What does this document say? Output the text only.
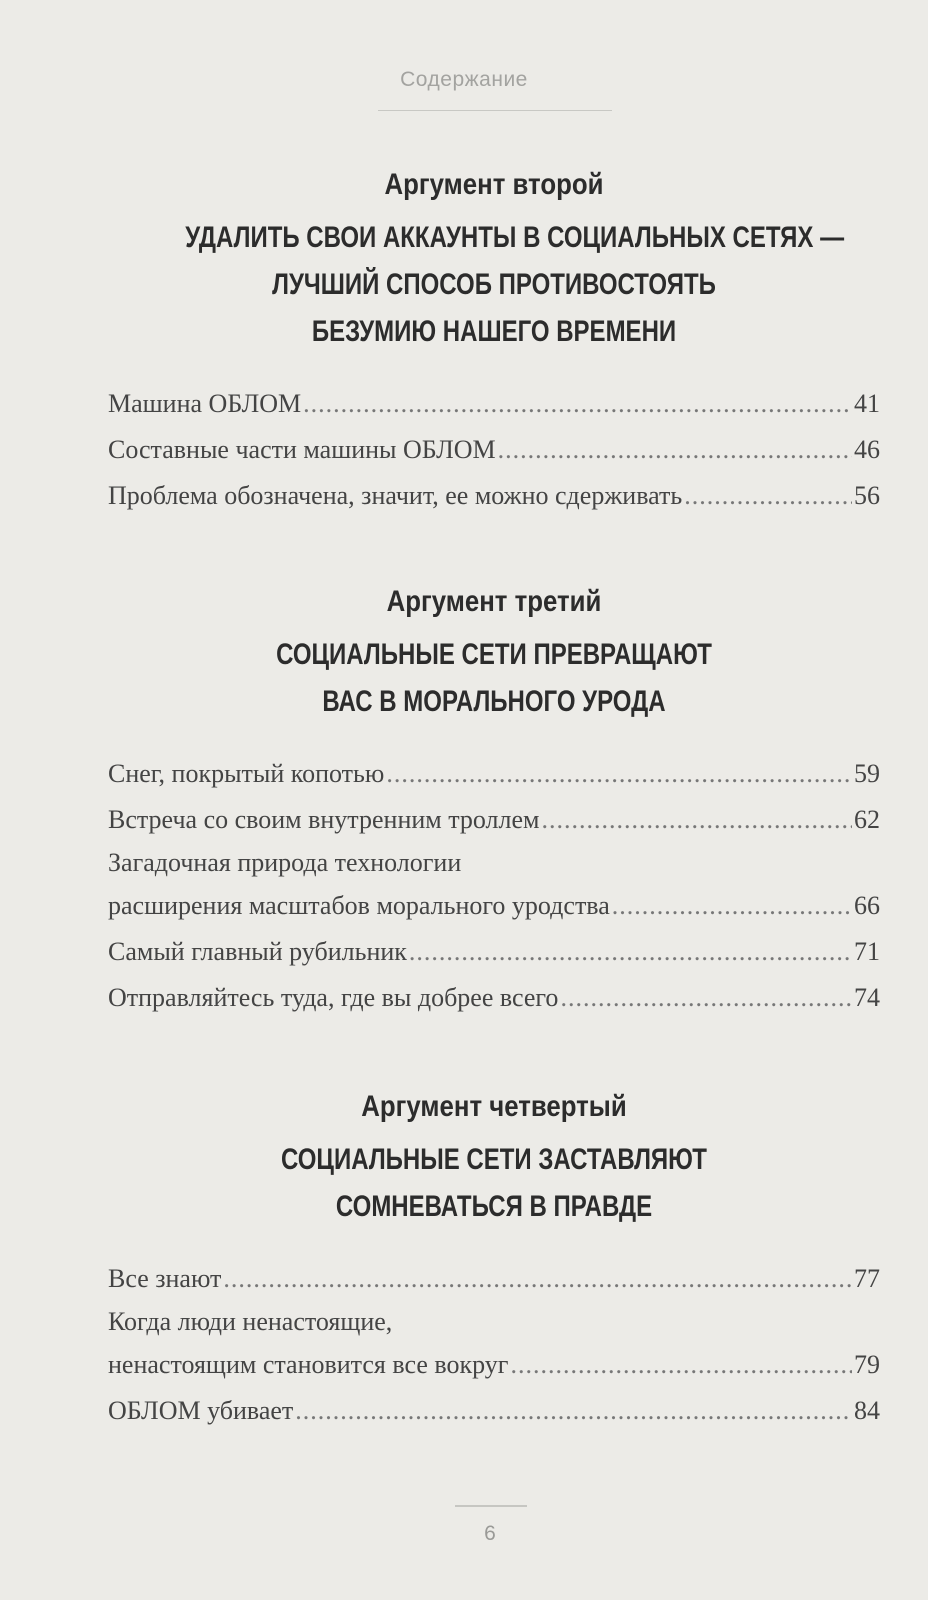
Содержание
Аргумент второй
УДАЛИТЬ СВОИ АККАУНТЫ В СОЦИАЛЬНЫХ СЕТЯХ —
ЛУЧШИЙ СПОСОБ ПРОТИВОСТОЯТЬ
БЕЗУМИЮ НАШЕГО ВРЕМЕНИ
Машина ОБЛОМ .....	41
Составные части машины ОБЛОМ .....	46
Проблема обозначена, значит, ее можно сдерживать .....	56
Аргумент третий
СОЦИАЛЬНЫЕ СЕТИ ПРЕВРАЩАЮТ
ВАС В МОРАЛЬНОГО УРОДА
Снег, покрытый копотью .....	59
Встреча со своим внутренним троллем .....	62
Загадочная природа технологии
расширения масштабов морального уродства .....	66
Самый главный рубильник .....	71
Отправляйтесь туда, где вы добрее всего .....	74
Аргумент четвертый
СОЦИАЛЬНЫЕ СЕТИ ЗАСТАВЛЯЮТ
СОМНЕВАТЬСЯ В ПРАВДЕ
Все знают .....	77
Когда люди ненастоящие,
ненастоящим становится все вокруг .....	79
ОБЛОМ убивает .....	84
6
